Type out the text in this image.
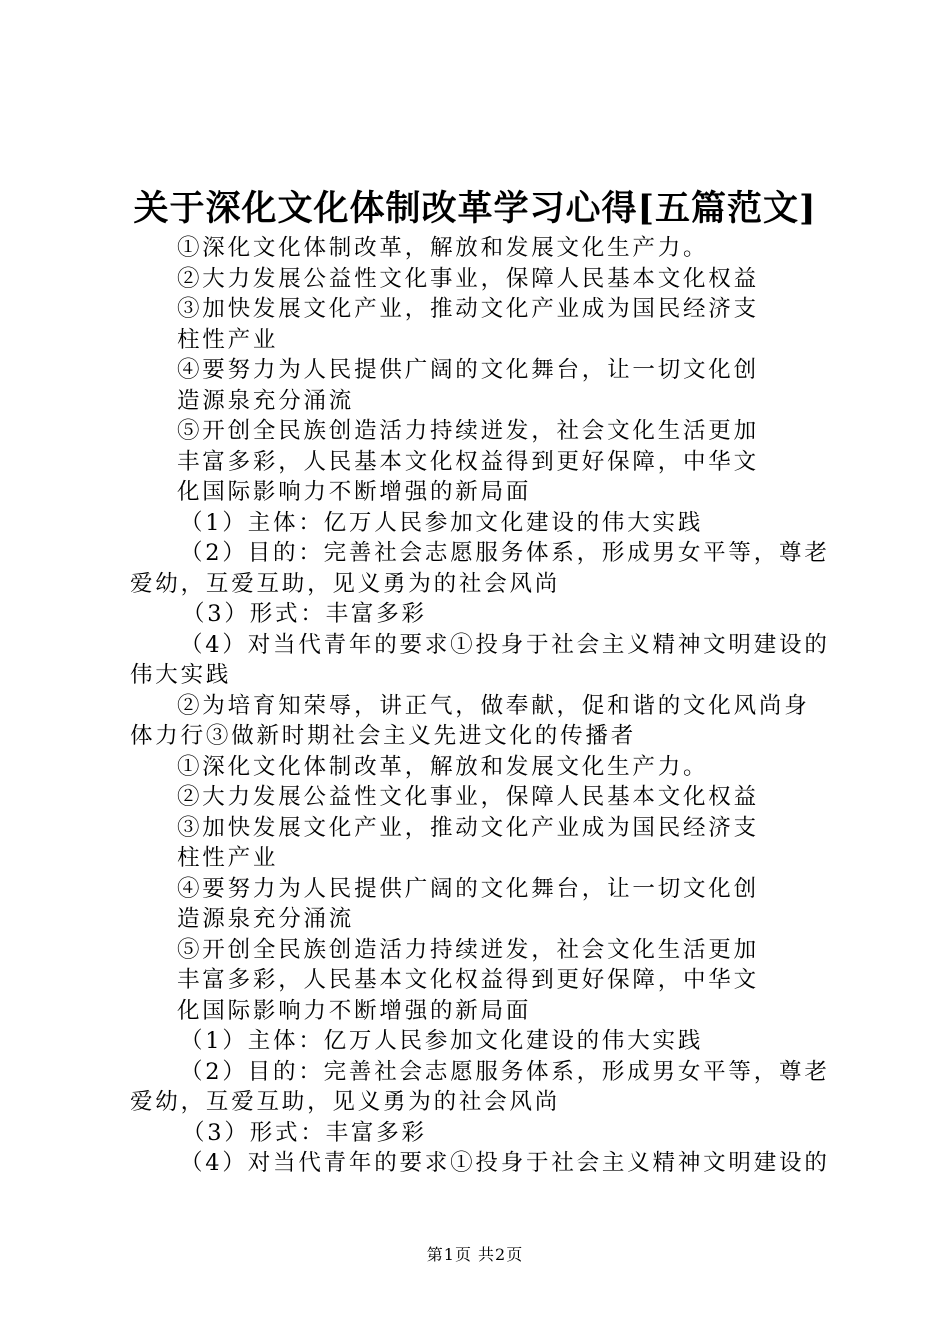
关于深化文化体制改革学习心得[五篇范文]
①深化文化体制改革，解放和发展文化生产力。
②大力发展公益性文化事业，保障人民基本文化权益
③加快发展文化产业，推动文化产业成为国民经济支
柱性产业
④要努力为人民提供广阔的文化舞台，让一切文化创
造源泉充分涌流
⑤开创全民族创造活力持续迸发，社会文化生活更加
丰富多彩，人民基本文化权益得到更好保障，中华文
化国际影响力不断增强的新局面
（1）主体：亿万人民参加文化建设的伟大实践
（2）目的：完善社会志愿服务体系，形成男女平等，尊老
爱幼，互爱互助，见义勇为的社会风尚
（3）形式：丰富多彩
（4）对当代青年的要求①投身于社会主义精神文明建设的
伟大实践
②为培育知荣辱，讲正气，做奉献，促和谐的文化风尚身
体力行③做新时期社会主义先进文化的传播者
①深化文化体制改革，解放和发展文化生产力。
②大力发展公益性文化事业，保障人民基本文化权益
③加快发展文化产业，推动文化产业成为国民经济支
柱性产业
④要努力为人民提供广阔的文化舞台，让一切文化创
造源泉充分涌流
⑤开创全民族创造活力持续迸发，社会文化生活更加
丰富多彩，人民基本文化权益得到更好保障，中华文
化国际影响力不断增强的新局面
（1）主体：亿万人民参加文化建设的伟大实践
（2）目的：完善社会志愿服务体系，形成男女平等，尊老
爱幼，互爱互助，见义勇为的社会风尚
（3）形式：丰富多彩
（4）对当代青年的要求①投身于社会主义精神文明建设的
第1页 共2页
